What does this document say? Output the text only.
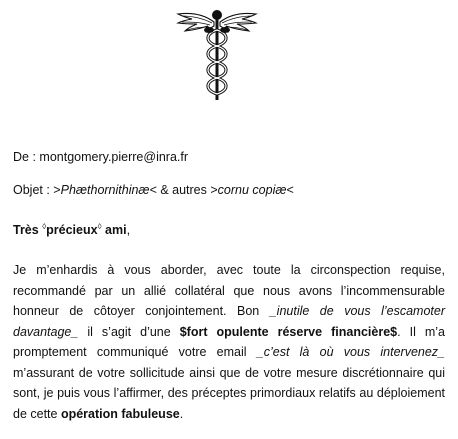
De : montgomery.pierre@inra.fr
Objet : >Phæthornithinæ< & autres >cornu copiæ<
Très ◊précieux◊ ami,
Je m’enhardis à vous aborder, avec toute la circonspection requise, recommandé par un allié collatéral que nous avons l’incommensurable honneur de côtoyer conjointement. Bon _inutile de vous l’escamoter davantage_ il s’agit d’une $fort opulente réserve financière$. Il m’a promptement communiqué votre email _c’est là où vous intervenez_ m’assurant de votre sollicitude ainsi que de votre mesure discrétionnaire qui sont, je puis vous l’affirmer, des préceptes primordiaux relatifs au déploiement de cette opération fabuleuse.
